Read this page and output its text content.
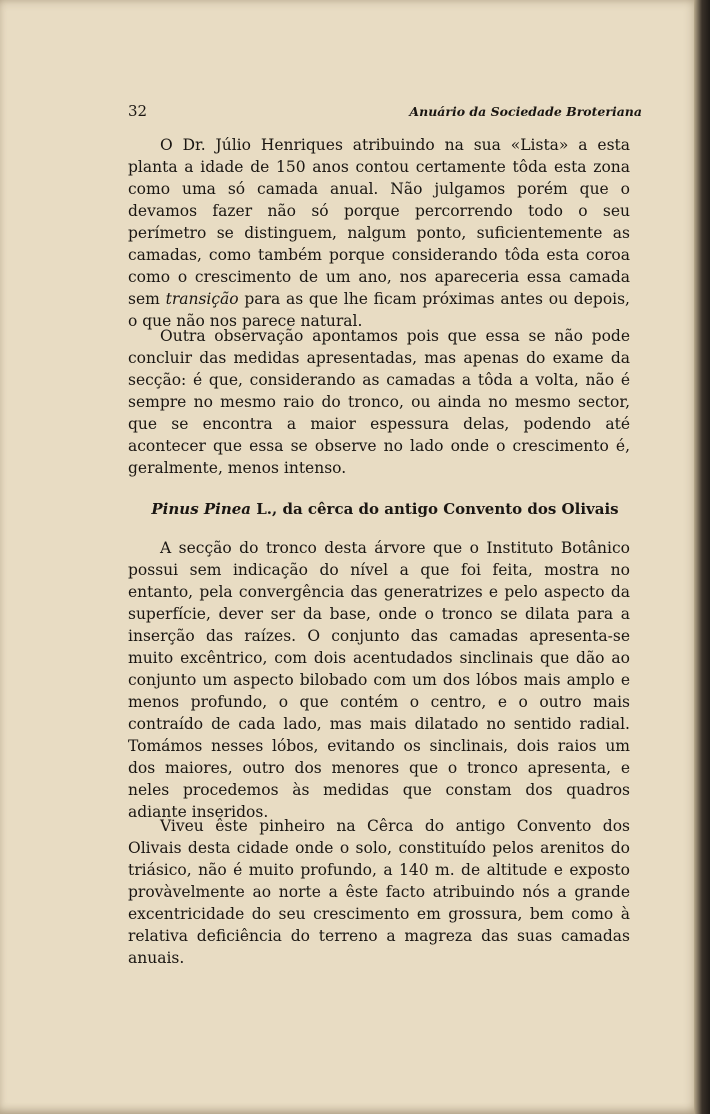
32	Anuário da Sociedade Broteriana
O Dr. Júlio Henriques atribuindo na sua «Lista» a esta planta a idade de 150 anos contou certamente tôda esta zona como uma só camada anual. Não julgamos porém que o devamos fazer não só porque percorrendo todo o seu perímetro se distinguem, nalgum ponto, suficientemente as camadas, como também porque considerando tôda esta coroa como o crescimento de um ano, nos apareceria essa camada sem transição para as que lhe ficam próximas antes ou depois, o que não nos parece natural.
Outra observação apontamos pois que essa se não pode concluir das medidas apresentadas, mas apenas do exame da secção: é que, considerando as camadas a tôda a volta, não é sempre no mesmo raio do tronco, ou ainda no mesmo sector, que se encontra a maior espessura delas, podendo até acontecer que essa se observe no lado onde o crescimento é, geralmente, menos intenso.
Pinus Pinea L., da cêrca do antigo Convento dos Olivais
A secção do tronco desta árvore que o Instituto Botânico possui sem indicação do nível a que foi feita, mostra no entanto, pela convergência das generatrizes e pelo aspecto da superfície, dever ser da base, onde o tronco se dilata para a inserção das raízes. O conjunto das camadas apresenta-se muito excêntrico, com dois acentudados sinclinais que dão ao conjunto um aspecto bilobado com um dos lóbos mais amplo e menos profundo, o que contém o centro, e o outro mais contraído de cada lado, mas mais dilatado no sentido radial. Tomámos nesses lóbos, evitando os sinclinais, dois raios um dos maiores, outro dos menores que o tronco apresenta, e neles procedemos às medidas que constam dos quadros adiante inseridos.
Viveu êste pinheiro na Cêrca do antigo Convento dos Olivais desta cidade onde o solo, constituído pelos arenitos do triásico, não é muito profundo, a 140 m. de altitude e exposto provàvelmente ao norte a êste facto atribuindo nós a grande excentricidade do seu crescimento em grossura, bem como à relativa deficiência do terreno a magreza das suas camadas anuais.
